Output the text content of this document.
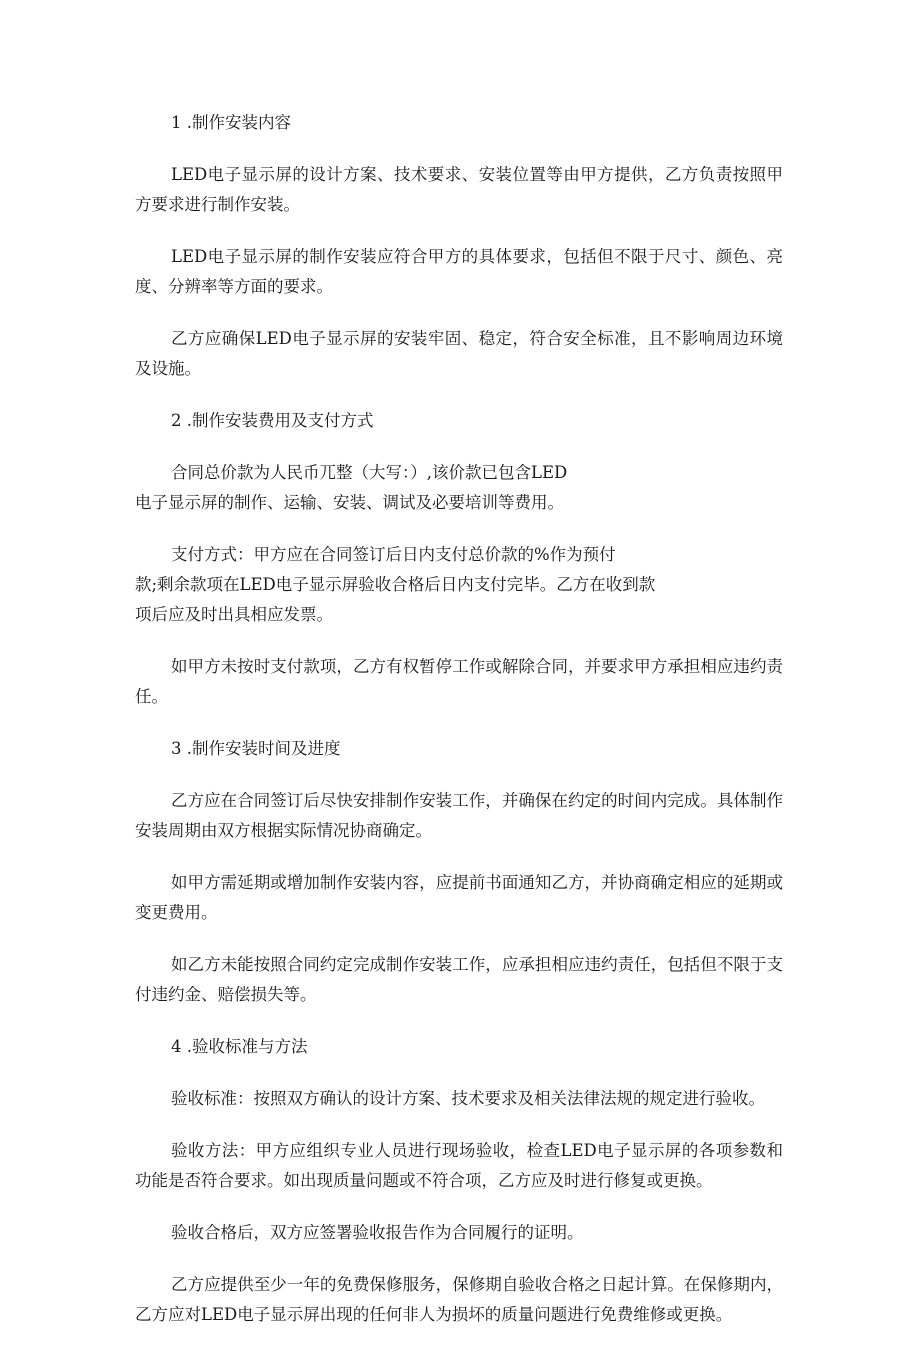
1 .制作安装内容

LED电子显示屏的设计方案、技术要求、安装位置等由甲方提供，乙方负责按照甲方要求进行制作安装。

LED电子显示屏的制作安装应符合甲方的具体要求，包括但不限于尺寸、颜色、亮度、分辨率等方面的要求。

乙方应确保LED电子显示屏的安装牢固、稳定，符合安全标准，且不影响周边环境及设施。

2 .制作安装费用及支付方式

合同总价款为人民币兀整（大写：）,该价款已包含LED
电子显示屏的制作、运输、安装、调试及必要培训等费用。

支付方式：甲方应在合同签订后日内支付总价款的%作为预付
款;剩余款项在LED电子显示屏验收合格后日内支付完毕。乙方在收到款
项后应及时出具相应发票。

如甲方未按时支付款项，乙方有权暂停工作或解除合同，并要求甲方承担相应违约责任。

3 .制作安装时间及进度

乙方应在合同签订后尽快安排制作安装工作，并确保在约定的时间内完成。具体制作安装周期由双方根据实际情况协商确定。

如甲方需延期或增加制作安装内容，应提前书面通知乙方，并协商确定相应的延期或变更费用。

如乙方未能按照合同约定完成制作安装工作，应承担相应违约责任，包括但不限于支付违约金、赔偿损失等。

4 .验收标准与方法

验收标准：按照双方确认的设计方案、技术要求及相关法律法规的规定进行验收。

验收方法：甲方应组织专业人员进行现场验收，检查LED电子显示屏的各项参数和功能是否符合要求。如出现质量问题或不符合项，乙方应及时进行修复或更换。

验收合格后，双方应签署验收报告作为合同履行的证明。

乙方应提供至少一年的免费保修服务，保修期自验收合格之日起计算。在保修期内，乙方应对LED电子显示屏出现的任何非人为损坏的质量问题进行免费维修或更换。
